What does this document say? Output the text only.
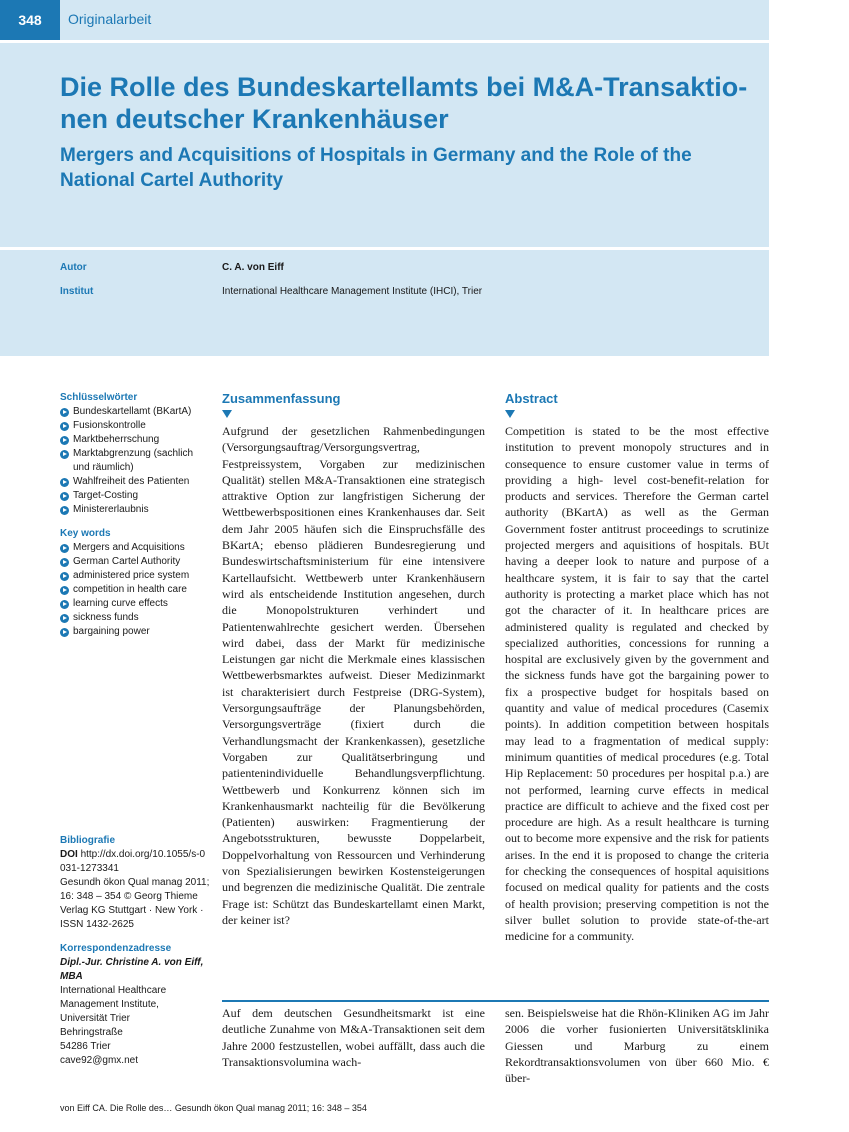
348	Originalarbeit
Die Rolle des Bundeskartellamts bei M&A-Transaktio-nen deutscher Krankenhäuser
Mergers and Acquisitions of Hospitals in Germany and the Role of the National Cartel Authority
Autor	C. A. von Eiff
Institut	International Healthcare Management Institute (IHCI), Trier
Schlüsselwörter
Bundeskartellamt (BKartA)
Fusionskontrolle
Marktbeherrschung
Marktabgrenzung (sachlich und räumlich)
Wahlfreiheit des Patienten
Target-Costing
Ministererlaubnis
Key words
Mergers and Acquisitions
German Cartel Authority
administered price system
competition in health care
learning curve effects
sickness funds
bargaining power
Bibliografie
DOI http://dx.doi.org/10.1055/s-0031-1273341
Gesundh ökon Qual manag 2011; 16: 348 – 354 © Georg Thieme Verlag KG Stuttgart · New York · ISSN 1432-2625
Korrespondenzadresse
Dipl.-Jur. Christine A. von Eiff, MBA
International Healthcare
Management Institute,
Universität Trier
Behringstraße
54286 Trier
cave92@gmx.net
Zusammenfassung
Aufgrund der gesetzlichen Rahmenbedingungen (Versorgungsauftrag/Versorgungsvertrag, Festpreissystem, Vorgaben zur medizinischen Qualität) stellen M&A-Transaktionen eine strategisch attraktive Option zur langfristigen Sicherung der Wettbewerbspositionen eines Krankenhauses dar. Seit dem Jahr 2005 häufen sich die Einspruchsfälle des BKartA; ebenso plädieren Bundesregierung und Bundeswirtschaftsministerium für eine intensivere Kartellaufsicht. Wettbewerb unter Krankenhäusern wird als entscheidende Institution angesehen, durch die Monopolstrukturen verhindert und Patientenwahlrechte gesichert werden. Übersehen wird dabei, dass der Markt für medizinische Leistungen gar nicht die Merkmale eines klassischen Wettbewerbsmarktes aufweist. Dieser Medizinmarkt ist charakterisiert durch Festpreise (DRG-System), Versorgungsaufträge der Planungsbehörden, Versorgungsverträge (fixiert durch die Verhandlungsmacht der Krankenkassen), gesetzliche Vorgaben zur Qualitätserbringung und patientenindividuelle Behandlungsverpflichtung. Wettbewerb und Konkurrenz können sich im Krankenhausmarkt nachteilig für die Bevölkerung (Patienten) auswirken: Fragmentierung der Angebotsstrukturen, bewusste Doppelarbeit, Doppelvorhaltung von Ressourcen und Verhinderung von Spezialisierungen bewirken Kostensteigerungen und begrenzen die medizinische Qualität. Die zentrale Frage ist: Schützt das Bundeskartellamt einen Markt, der keiner ist?
Abstract
Competition is stated to be the most effective institution to prevent monopoly structures and in consequence to ensure customer value in terms of providing a high- level cost-benefit-relation for products and services. Therefore the German cartel authority (BKartA) as well as the German Government foster antitrust proceedings to scrutinize projected mergers and aquisitions of hospitals. BUt having a deeper look to nature and purpose of a healthcare system, it is fair to say that the cartel authority is protecting a market place which has not got the character of it. In healthcare prices are administered quality is regulated and checked by specialized authorities, concessions for running a hospital are exclusively given by the government and the sickness funds have got the bargaining power to fix a prospective budget for hospitals based on quantity and value of medical procedures (Casemix points). In addition competition between hospitals may lead to a fragmentation of medical supply: minimum quantities of medical procedures (e.g. Total Hip Replacement: 50 procedures per hospital p.a.) are not performed, learning curve effects in medical practice are difficult to achieve and the fixed cost per procedure are high. As a result healthcare is turning out to become more expensive and the risk for patients arises. In the end it is proposed to change the criteria for checking the consequences of hospital aquisitions focused on medical quality for patients and the costs of health provision; preserving competition is not the silver bullet solution to provide state-of-the-art medicine for a community.
Auf dem deutschen Gesundheitsmarkt ist eine deutliche Zunahme von M&A-Transaktionen seit dem Jahre 2000 festzustellen, wobei auffällt, dass auch die Transaktionsvolumina wach-
sen. Beispielsweise hat die Rhön-Kliniken AG im Jahr 2006 die vorher fusionierten Universitätsklinika Giessen und Marburg zu einem Rekordtransaktionsvolumen von über 660 Mio. € über-
von Eiff CA. Die Rolle des… Gesundh ökon Qual manag 2011; 16: 348 – 354
